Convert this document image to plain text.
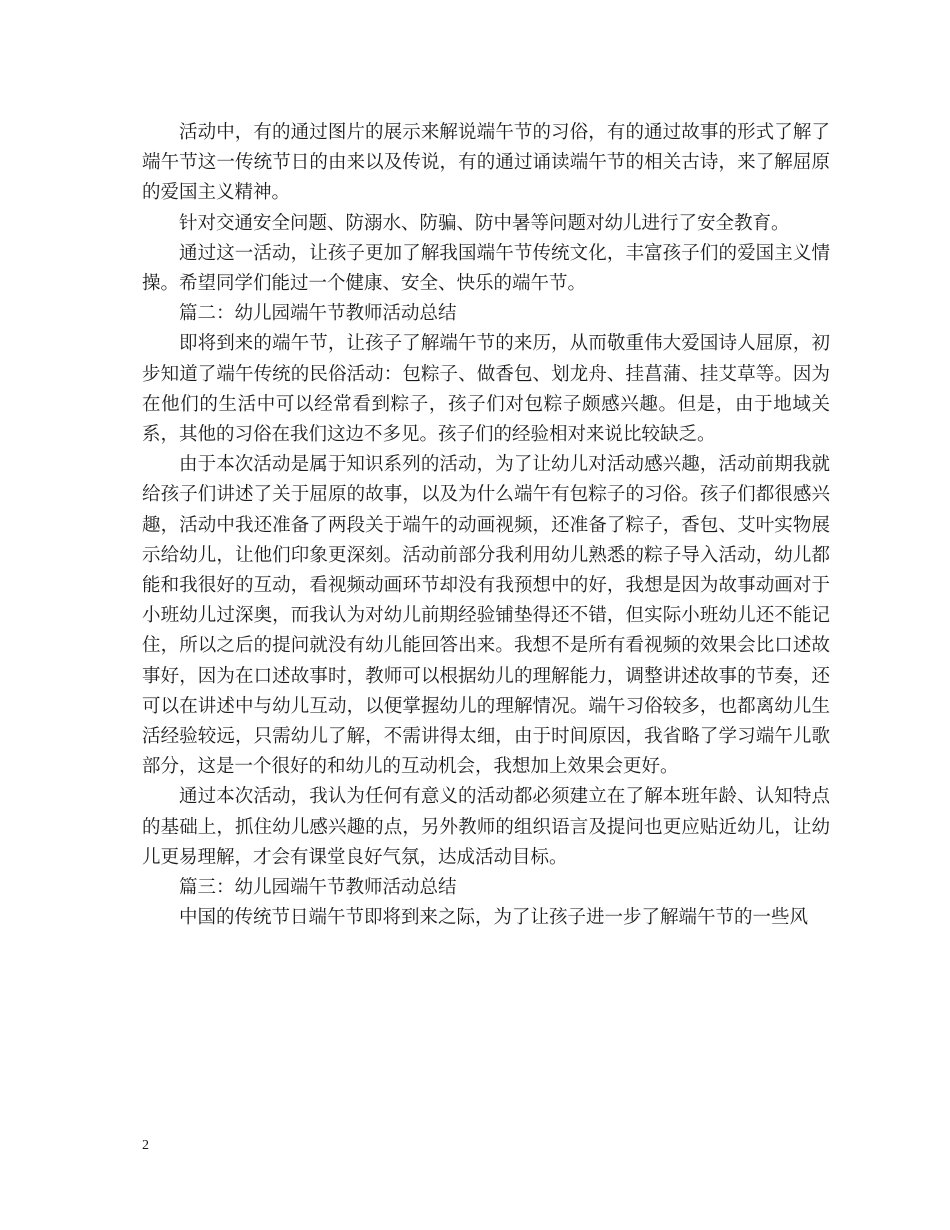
活动中，有的通过图片的展示来解说端午节的习俗，有的通过故事的形式了解了端午节这一传统节日的由来以及传说，有的通过诵读端午节的相关古诗，来了解屈原的爱国主义精神。

针对交通安全问题、防溺水、防骗、防中暑等问题对幼儿进行了安全教育。

通过这一活动，让孩子更加了解我国端午节传统文化，丰富孩子们的爱国主义情操。希望同学们能过一个健康、安全、快乐的端午节。

篇二：幼儿园端午节教师活动总结

即将到来的端午节，让孩子了解端午节的来历，从而敬重伟大爱国诗人屈原，初步知道了端午传统的民俗活动：包粽子、做香包、划龙舟、挂菖蒲、挂艾草等。因为在他们的生活中可以经常看到粽子，孩子们对包粽子颇感兴趣。但是，由于地域关系，其他的习俗在我们这边不多见。孩子们的经验相对来说比较缺乏。

由于本次活动是属于知识系列的活动，为了让幼儿对活动感兴趣，活动前期我就给孩子们讲述了关于屈原的故事，以及为什么端午有包粽子的习俗。孩子们都很感兴趣，活动中我还准备了两段关于端午的动画视频，还准备了粽子，香包、艾叶实物展示给幼儿，让他们印象更深刻。活动前部分我利用幼儿熟悉的粽子导入活动，幼儿都能和我很好的互动，看视频动画环节却没有我预想中的好，我想是因为故事动画对于小班幼儿过深奥，而我认为对幼儿前期经验铺垫得还不错，但实际小班幼儿还不能记住，所以之后的提问就没有幼儿能回答出来。我想不是所有看视频的效果会比口述故事好，因为在口述故事时，教师可以根据幼儿的理解能力，调整讲述故事的节奏，还可以在讲述中与幼儿互动，以便掌握幼儿的理解情况。端午习俗较多，也都离幼儿生活经验较远，只需幼儿了解，不需讲得太细，由于时间原因，我省略了学习端午儿歌部分，这是一个很好的和幼儿的互动机会，我想加上效果会更好。

通过本次活动，我认为任何有意义的活动都必须建立在了解本班年龄、认知特点的基础上，抓住幼儿感兴趣的点，另外教师的组织语言及提问也更应贴近幼儿，让幼儿更易理解，才会有课堂良好气氛，达成活动目标。

篇三：幼儿园端午节教师活动总结

中国的传统节日端午节即将到来之际，为了让孩子进一步了解端午节的一些风

2
